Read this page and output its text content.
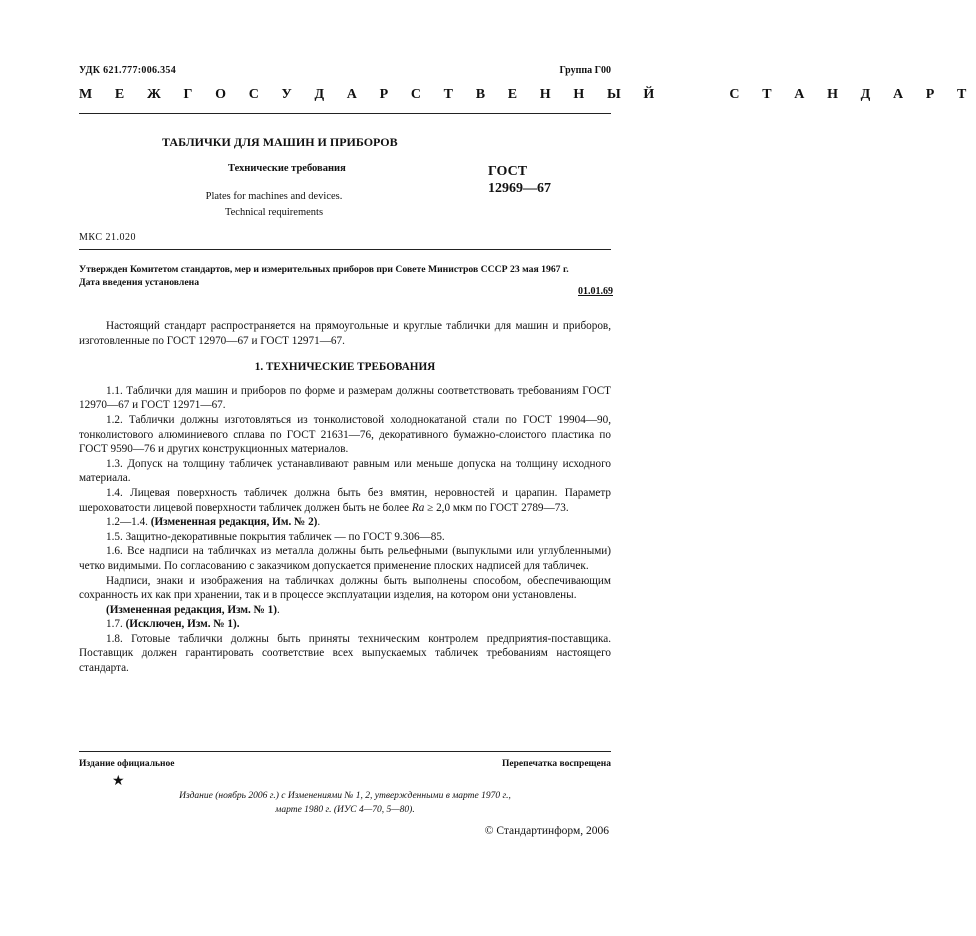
УДК 621.777:006.354	Группа Г00
М Е Ж Г О С У Д А Р С Т В Е Н Н Ы Й     С Т А Н Д А Р Т
ТАБЛИЧКИ ДЛЯ МАШИН И ПРИБОРОВ
Технические требования
Plates for machines and devices.
Technical requirements
ГОСТ
12969—67
МКС 21.020
Утвержден Комитетом стандартов, мер и измерительных приборов при Совете Министров СССР 23 мая 1967 г.
Дата введения установлена
01.01.69

Настоящий стандарт распространяется на прямоугольные и круглые таблички для машин и приборов, изготовленные по ГОСТ 12970—67 и ГОСТ 12971—67.

1. ТЕХНИЧЕСКИЕ ТРЕБОВАНИЯ

1.1. Таблички для машин и приборов по форме и размерам должны соответствовать требованиям ГОСТ 12970—67 и ГОСТ 12971—67.

1.2. Таблички должны изготовляться из тонколистовой холоднокатаной стали по ГОСТ 19904—90, тонколистового алюминиевого сплава по ГОСТ 21631—76, декоративного бумажно-слоистого пластика по ГОСТ 9590—76 и других конструкционных материалов.

1.3. Допуск на толщину табличек устанавливают равным или меньше допуска на толщину исходного материала.

1.4. Лицевая поверхность табличек должна быть без вмятин, неровностей и царапин. Параметр шероховатости лицевой поверхности табличек должен быть не более Ra ≥ 2,0 мкм по ГОСТ 2789—73.

1.2—1.4. (Измененная редакция, Им. № 2).

1.5. Защитно-декоративные покрытия табличек — по ГОСТ 9.306—85.

1.6. Все надписи на табличках из металла должны быть рельефными (выпуклыми или углубленными) четко видимыми. По согласованию с заказчиком допускается применение плоских надписей для табличек.

Надписи, знаки и изображения на табличках должны быть выполнены способом, обеспечивающим сохранность их как при хранении, так и в процессе эксплуатации изделия, на котором они установлены.

(Измененная редакция, Изм. № 1).

1.7. (Исключен, Изм. № 1).

1.8. Готовые таблички должны быть приняты техническим контролем предприятия-поставщика. Поставщик должен гарантировать соответствие всех выпускаемых табличек требованиям настоящего стандарта.

Издание официальное	Перепечатка воспрещена
★
Издание (ноябрь 2006 г.) с Изменениями № 1, 2, утвержденными в марте 1970 г.,
марте 1980 г. (ИУС 4—70, 5—80).
© Стандартинформ, 2006
